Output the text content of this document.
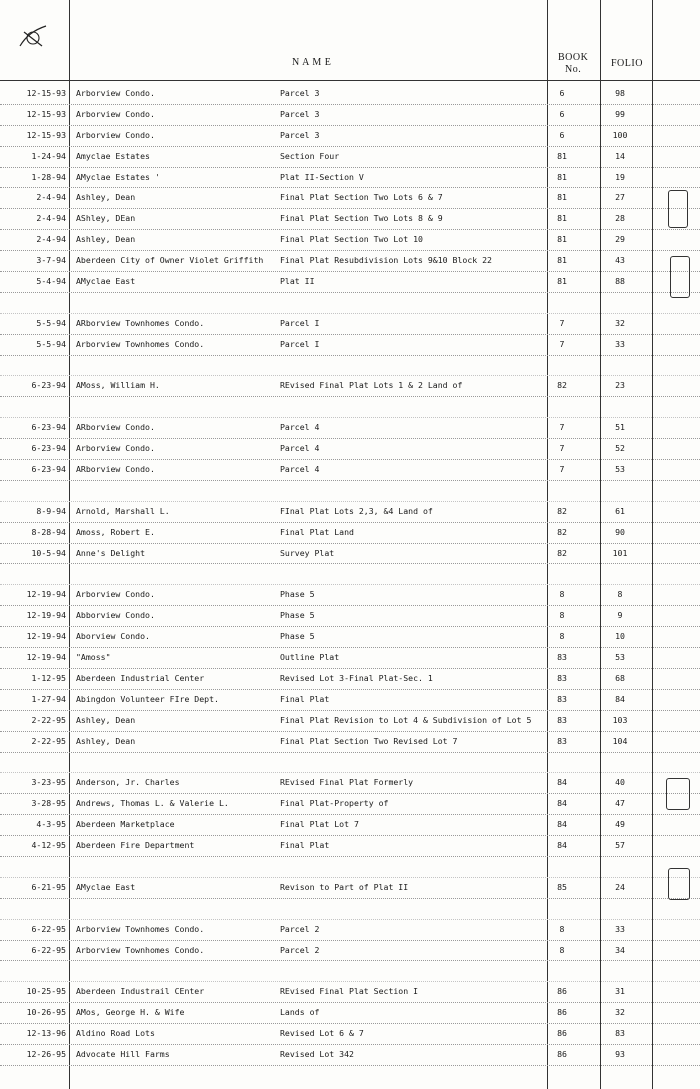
N A M E	BOOK
No.
FOLIO
12-15-93 Arborview Condo.	Parcel 3	6	98
12-15-93 Arborview Condo.	Parcel 3	6	99
12-15-93 Arborview Condo.	Parcel 3	6	100
1-24-94 Amyclae Estates	Section Four	81	14
1-28-94 AMyclae Estates '	Plat II-Section V	81	19
2-4-94 Ashley, Dean	Final Plat Section Two Lots 6 & 7	81	27
2-4-94 AShley, DEan	Final Plat Section Two Lots 8 & 9	81	28
2-4-94 Ashley, Dean	Final Plat Section Two Lot 10	81	29
3-7-94 Aberdeen City of Owner Violet Griffith	Final Plat Resubdivision Lots 9&10 Block 22	81	43
5-4-94 AMyclae East	Plat II	81	88
5-5-94 ARborview Townhomes Condo.	Parcel I	7	32
5-5-94 Arborview Townhomes Condo.	Parcel I	7	33
6-23-94 AMoss, William H.	REvised Final Plat Lots 1 & 2 Land of	82	23
6-23-94 ARborview Condo.	Parcel 4	7	51
6-23-94 Arborview Condo.	Parcel 4	7	52
6-23-94 ARborview Condo.	Parcel 4	7	53
8-9-94 Arnold, Marshall L.	FInal Plat Lots 2,3, &4 Land of	82	61
8-28-94 Amoss, Robert E.	Final Plat Land	82	90
10-5-94 Anne's Delight	Survey Plat	82	101
12-19-94 Arborview Condo.	Phase 5	8	8
12-19-94 Abborview Condo.	Phase 5	8	9
12-19-94 Aborview Condo.	Phase 5	8	10
12-19-94 "Amoss"	Outline Plat	83	53
1-12-95 Aberdeen Industrial Center	Revised Lot 3-Final Plat-Sec. 1	83	68
1-27-94 Abingdon Volunteer FIre Dept.	Final Plat	83	84
2-22-95 Ashley, Dean	Final Plat Revision to Lot 4 & Subdivision of Lot 5	83	103
2-22-95 Ashley, Dean	Final Plat Section Two Revised Lot 7	83	104
3-23-95 Anderson, Jr. Charles	REvised Final Plat Formerly	84	40
3-28-95 Andrews, Thomas L. & Valerie L.	Final Plat-Property of	84	47
4-3-95 Aberdeen Marketplace	Final Plat Lot 7	84	49
4-12-95 Aberdeen Fire Department	Final Plat	84	57
6-21-95 AMyclae East	Revison to Part of Plat II	85	24
6-22-95 Arborview Townhomes Condo.	Parcel 2	8	33
6-22-95 Arborview Townhomes Condo.	Parcel 2	8	34
10-25-95 Aberdeen Industrail CEnter	REvised Final Plat Section I	86	31
10-26-95 AMos, George H. & Wife	Lands of	86	32
12-13-96 Aldino Road Lots	Revised Lot 6 & 7	86	83
12-26-95 Advocate Hill Farms	Revised Lot 342	86	93
